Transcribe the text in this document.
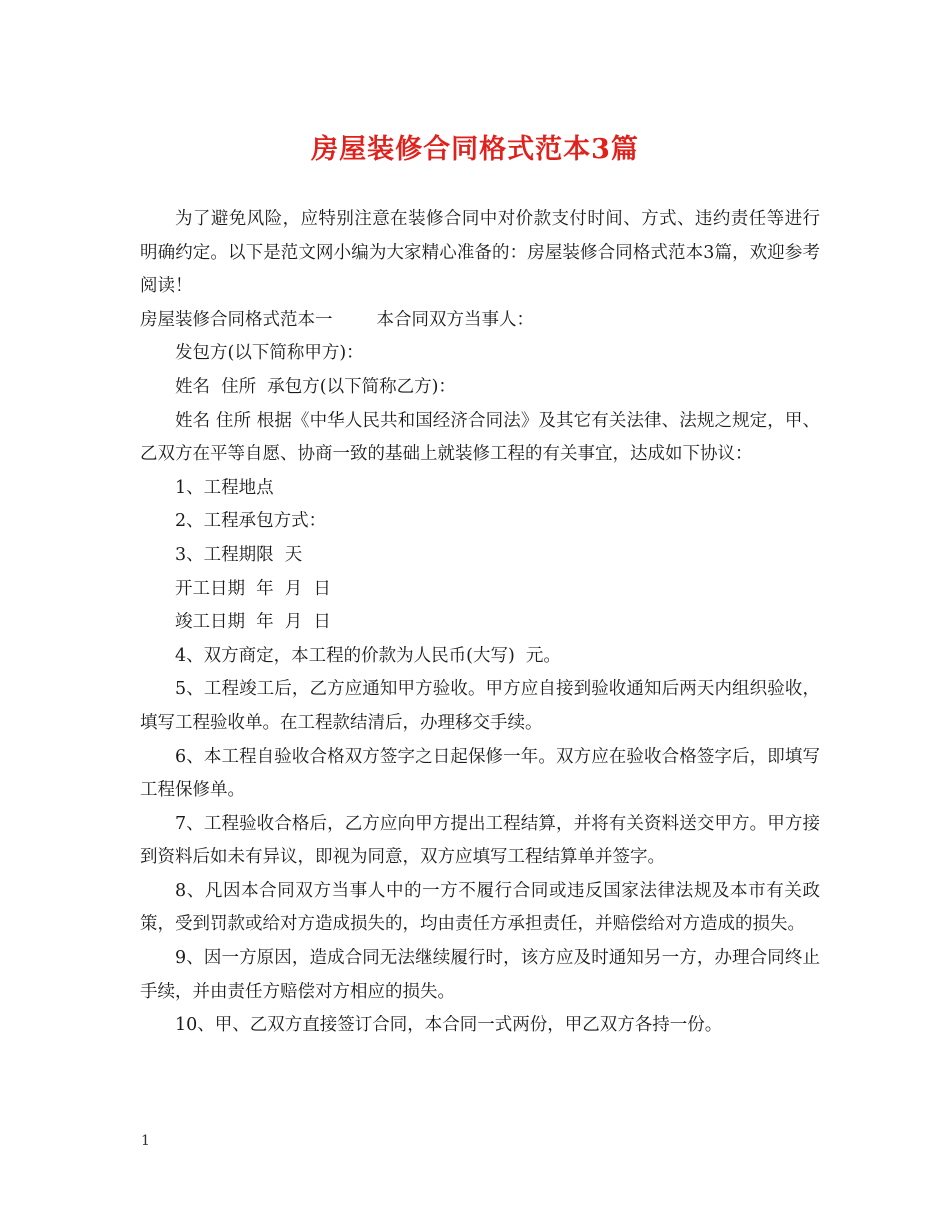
房屋装修合同格式范本3篇

为了避免风险，应特别注意在装修合同中对价款支付时间、方式、违约责任等进行明确约定。以下是范文网小编为大家精心准备的：房屋装修合同格式范本3篇，欢迎参考阅读！

房屋装修合同格式范本一	本合同双方当事人：

发包方(以下简称甲方)：

姓名  住所  承包方(以下简称乙方)：

姓名 住所 根据《中华人民共和国经济合同法》及其它有关法律、法规之规定，甲、乙双方在平等自愿、协商一致的基础上就装修工程的有关事宜，达成如下协议：

1、工程地点

2、工程承包方式：

3、工程期限  天

开工日期  年  月  日

竣工日期  年  月  日

4、双方商定，本工程的价款为人民币(大写)  元。

5、工程竣工后，乙方应通知甲方验收。甲方应自接到验收通知后两天内组织验收，填写工程验收单。在工程款结清后，办理移交手续。

6、本工程自验收合格双方签字之日起保修一年。双方应在验收合格签字后，即填写工程保修单。

7、工程验收合格后，乙方应向甲方提出工程结算，并将有关资料送交甲方。甲方接到资料后如未有异议，即视为同意，双方应填写工程结算单并签字。

8、凡因本合同双方当事人中的一方不履行合同或违反国家法律法规及本市有关政策，受到罚款或给对方造成损失的，均由责任方承担责任，并赔偿给对方造成的损失。

9、因一方原因，造成合同无法继续履行时，该方应及时通知另一方，办理合同终止手续，并由责任方赔偿对方相应的损失。

10、甲、乙双方直接签订合同，本合同一式两份，甲乙双方各持一份。

1
